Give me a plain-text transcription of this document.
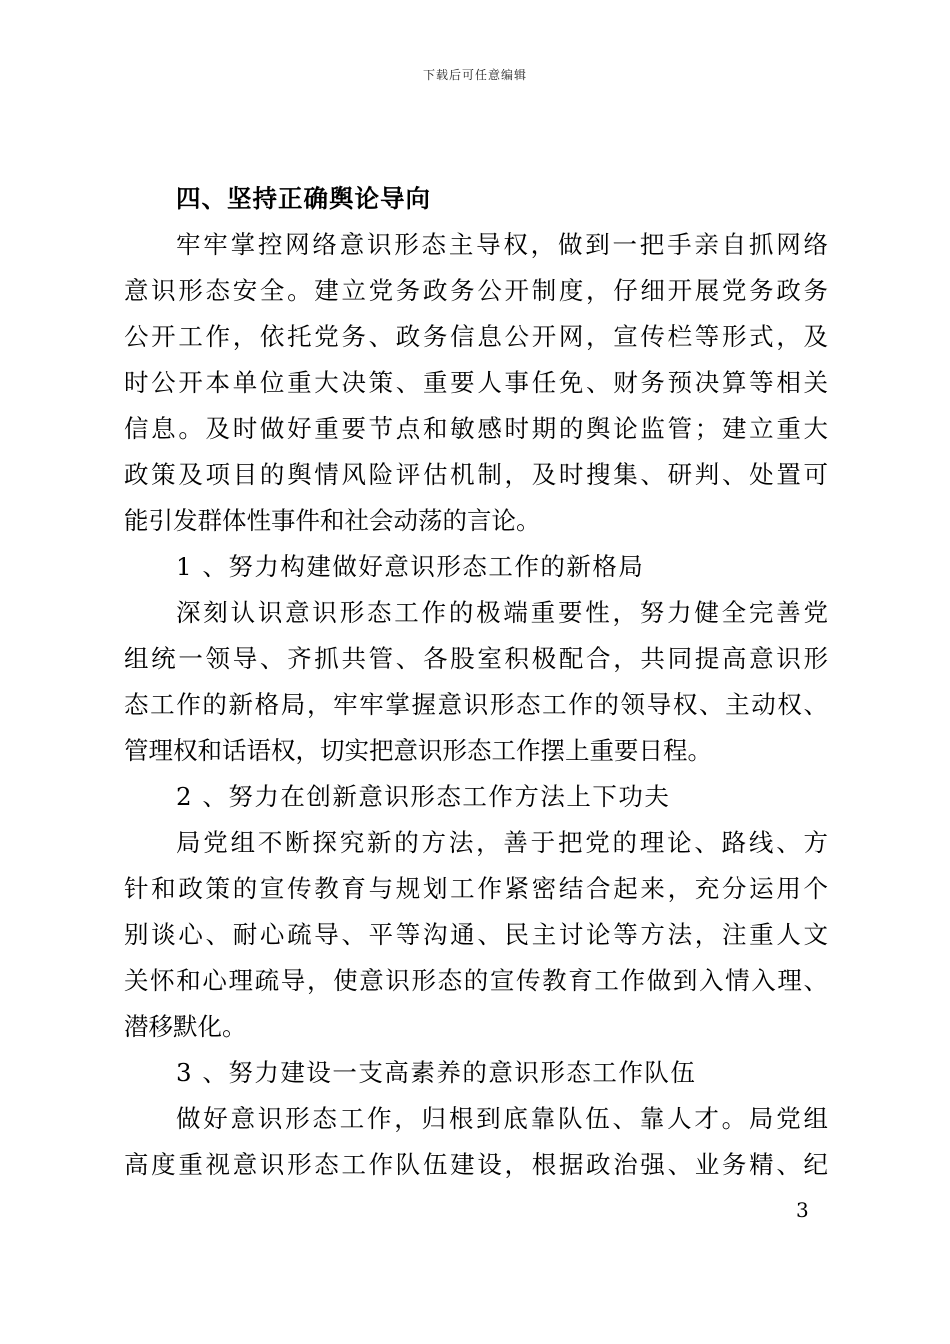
下载后可任意编辑
四、坚持正确舆论导向
牢牢掌控网络意识形态主导权，做到一把手亲自抓网络
意识形态安全。建立党务政务公开制度，仔细开展党务政务
公开工作，依托党务、政务信息公开网，宣传栏等形式，及
时公开本单位重大决策、重要人事任免、财务预决算等相关
信息。及时做好重要节点和敏感时期的舆论监管；建立重大
政策及项目的舆情风险评估机制，及时搜集、研判、处置可
能引发群体性事件和社会动荡的言论。
1 、努力构建做好意识形态工作的新格局
深刻认识意识形态工作的极端重要性，努力健全完善党
组统一领导、齐抓共管、各股室积极配合，共同提高意识形
态工作的新格局，牢牢掌握意识形态工作的领导权、主动权、
管理权和话语权，切实把意识形态工作摆上重要日程。
2 、努力在创新意识形态工作方法上下功夫
局党组不断探究新的方法，善于把党的理论、路线、方
针和政策的宣传教育与规划工作紧密结合起来，充分运用个
别谈心、耐心疏导、平等沟通、民主讨论等方法，注重人文
关怀和心理疏导，使意识形态的宣传教育工作做到入情入理、
潜移默化。
3 、努力建设一支高素养的意识形态工作队伍
做好意识形态工作，归根到底靠队伍、靠人才。局党组
高度重视意识形态工作队伍建设，根据政治强、业务精、纪
3
